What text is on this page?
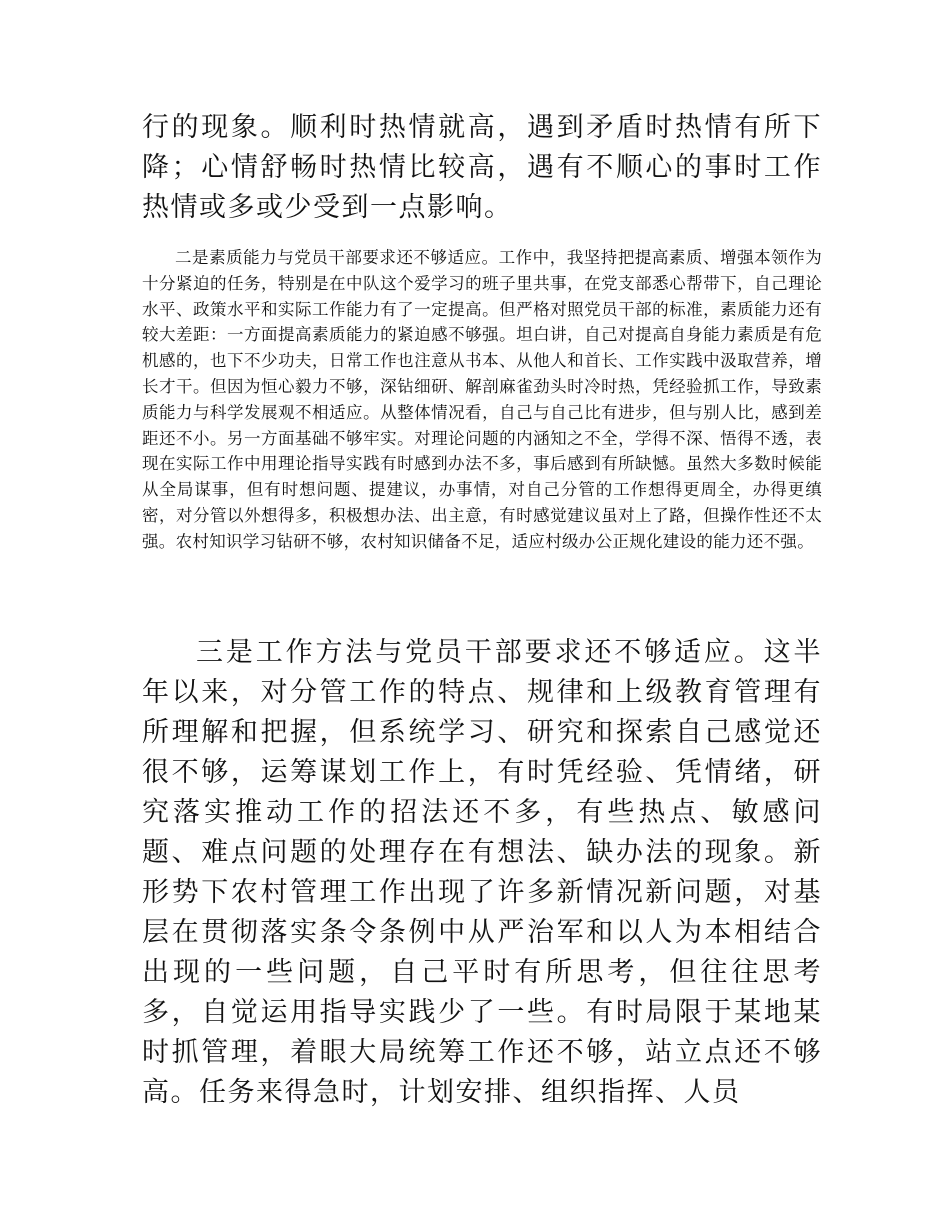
行的现象。顺利时热情就高，遇到矛盾时热情有所下降；心情舒畅时热情比较高，遇有不顺心的事时工作热情或多或少受到一点影响。

二是素质能力与党员干部要求还不够适应。工作中，我坚持把提高素质、增强本领作为十分紧迫的任务，特别是在中队这个爱学习的班子里共事，在党支部悉心帮带下，自己理论水平、政策水平和实际工作能力有了一定提高。但严格对照党员干部的标准，素质能力还有较大差距：一方面提高素质能力的紧迫感不够强。坦白讲，自己对提高自身能力素质是有危机感的，也下不少功夫，日常工作也注意从书本、从他人和首长、工作实践中汲取营养，增长才干。但因为恒心毅力不够，深钻细研、解剖麻雀劲头时冷时热，凭经验抓工作，导致素质能力与科学发展观不相适应。从整体情况看，自己与自己比有进步，但与别人比，感到差距还不小。另一方面基础不够牢实。对理论问题的内涵知之不全，学得不深、悟得不透，表现在实际工作中用理论指导实践有时感到办法不多，事后感到有所缺憾。虽然大多数时候能从全局谋事，但有时想问题、提建议，办事情，对自己分管的工作想得更周全，办得更缜密，对分管以外想得多，积极想办法、出主意，有时感觉建议虽对上了路，但操作性还不太强。农村知识学习钻研不够，农村知识储备不足，适应村级办公正规化建设的能力还不强。

三是工作方法与党员干部要求还不够适应。这半年以来，对分管工作的特点、规律和上级教育管理有所理解和把握，但系统学习、研究和探索自己感觉还很不够，运筹谋划工作上，有时凭经验、凭情绪，研究落实推动工作的招法还不多，有些热点、敏感问题、难点问题的处理存在有想法、缺办法的现象。新形势下农村管理工作出现了许多新情况新问题，对基层在贯彻落实条令条例中从严治军和以人为本相结合出现的一些问题，自己平时有所思考，但往往思考多，自觉运用指导实践少了一些。有时局限于某地某时抓管理，着眼大局统筹工作还不够，站立点还不够高。任务来得急时，计划安排、组织指挥、人员
